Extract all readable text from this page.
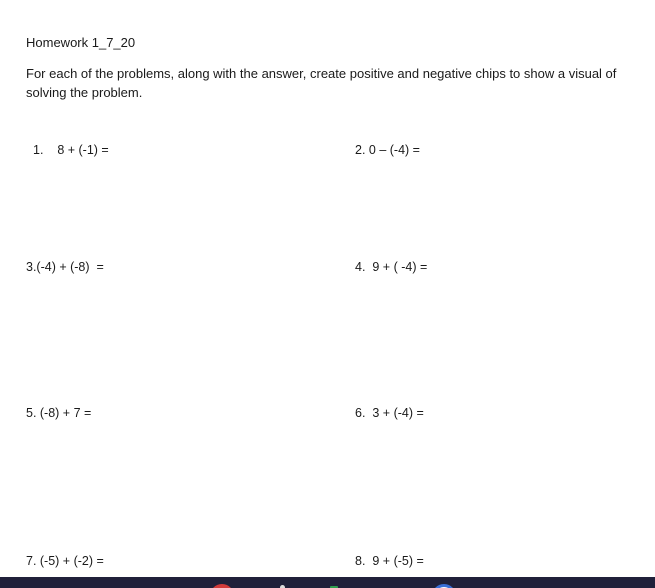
Homework 1_7_20
For each of the problems, along with the answer, create positive and negative chips to show a visual of solving the problem.
1.    8 + (-1) =	2. 0 – (-4) =
3.(-4) + (-8)  =	4.  9 + ( -4) =
5. (-8) + 7 =	6.  3 + (-4) =
7. (-5) + (-2) =	8.  9 + (-5) =
